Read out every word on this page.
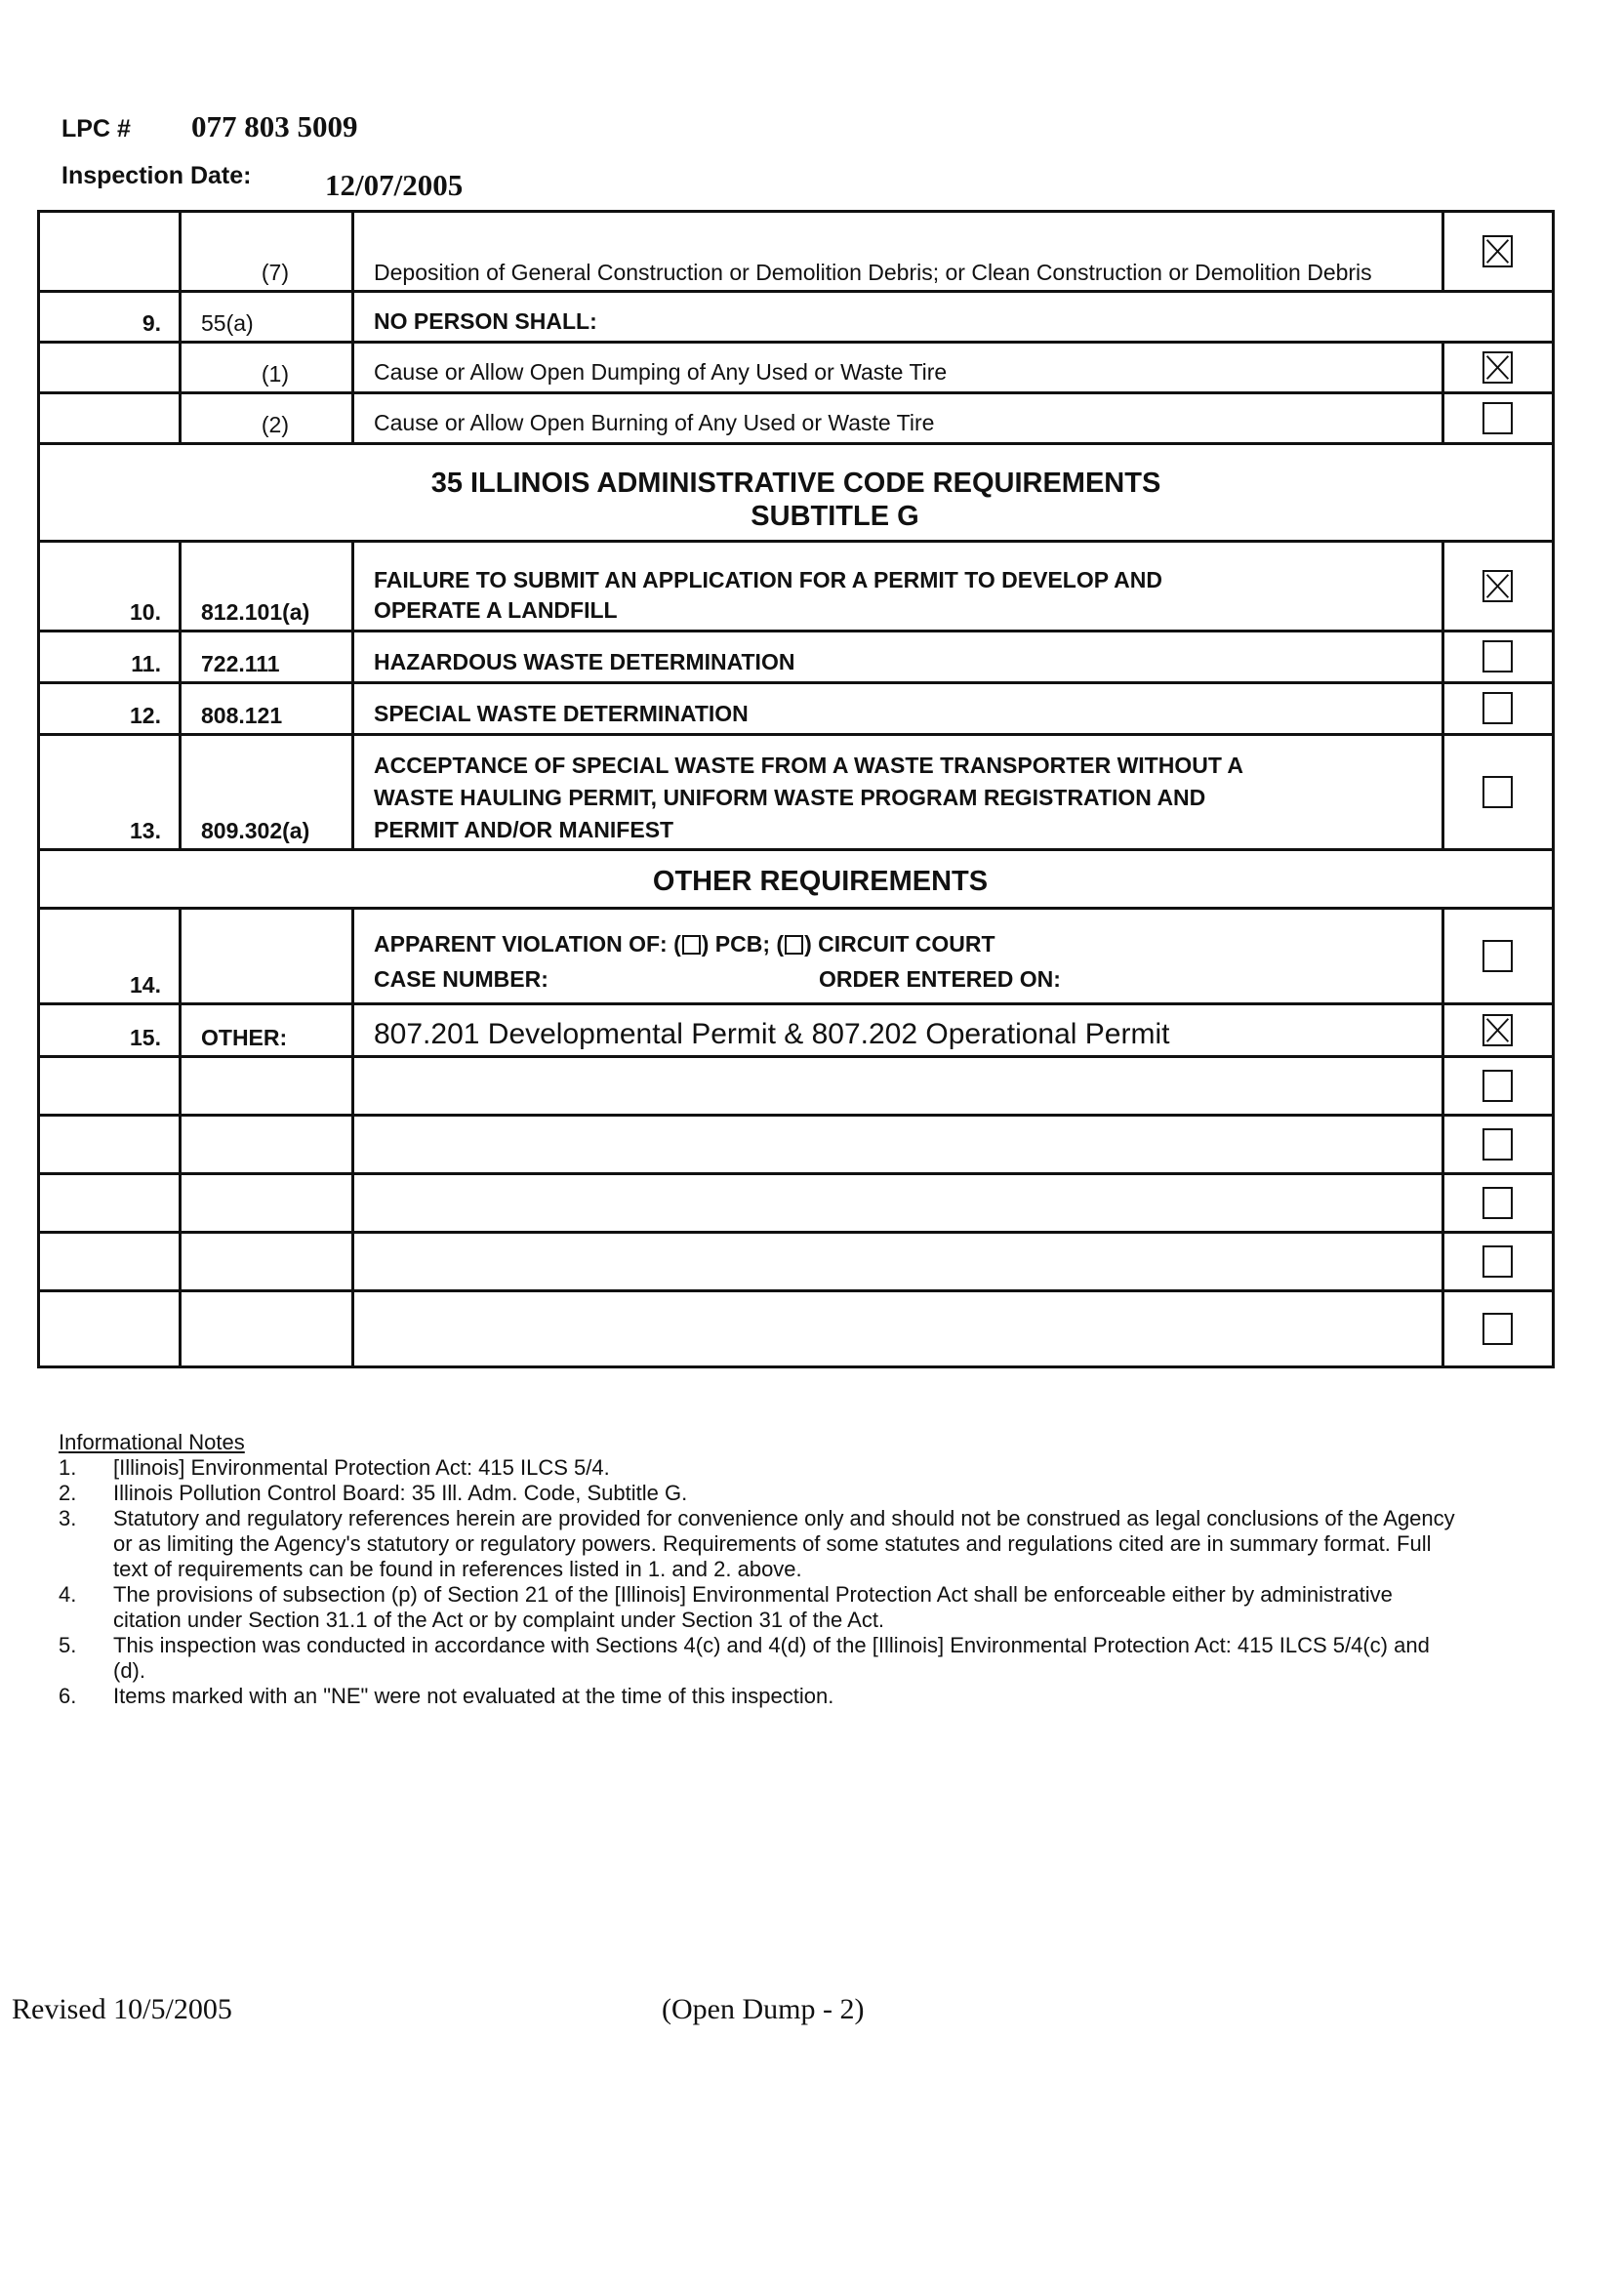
LPC # 077 803 5009
Inspection Date: 12/07/2005
(7)	Deposition of General Construction or Demolition Debris; or Clean Construction or Demolition Debris
9. 55(a)	NO PERSON SHALL:
(1)	Cause or Allow Open Dumping of Any Used or Waste Tire
(2)	Cause or Allow Open Burning of Any Used or Waste Tire
35 ILLINOIS ADMINISTRATIVE CODE REQUIREMENTS
SUBTITLE G
10. 812.101(a)
FAILURE TO SUBMIT AN APPLICATION FOR A PERMIT TO DEVELOP AND
OPERATE A LANDFILL
11. 722.111	HAZARDOUS WASTE DETERMINATION
12. 808.121	SPECIAL WASTE DETERMINATION
13. 809.302(a)
ACCEPTANCE OF SPECIAL WASTE FROM A WASTE TRANSPORTER WITHOUT A
WASTE HAULING PERMIT, UNIFORM WASTE PROGRAM REGISTRATION AND
PERMIT AND/OR MANIFEST
OTHER REQUIREMENTS
14.
APPARENT VIOLATION OF: ( ) PCB; ( ) CIRCUIT COURT
CASE NUMBER:	ORDER ENTERED ON:
15. OTHER:	807.201 Developmental Permit & 807.202 Operational Permit
Informational Notes
1. [Illinois] Environmental Protection Act: 415 ILCS 5/4.
2. Illinois Pollution Control Board: 35 Ill. Adm. Code, Subtitle G.
3. Statutory and regulatory references herein are provided for convenience only and should not be construed as legal conclusions of the Agency or as limiting the Agency's statutory or regulatory powers. Requirements of some statutes and regulations cited are in summary format. Full text of requirements can be found in references listed in 1. and 2. above.
4. The provisions of subsection (p) of Section 21 of the [Illinois] Environmental Protection Act shall be enforceable either by administrative citation under Section 31.1 of the Act or by complaint under Section 31 of the Act.
5. This inspection was conducted in accordance with Sections 4(c) and 4(d) of the [Illinois] Environmental Protection Act: 415 ILCS 5/4(c) and (d).
6. Items marked with an "NE" were not evaluated at the time of this inspection.
Revised 10/5/2005	(Open Dump - 2)
